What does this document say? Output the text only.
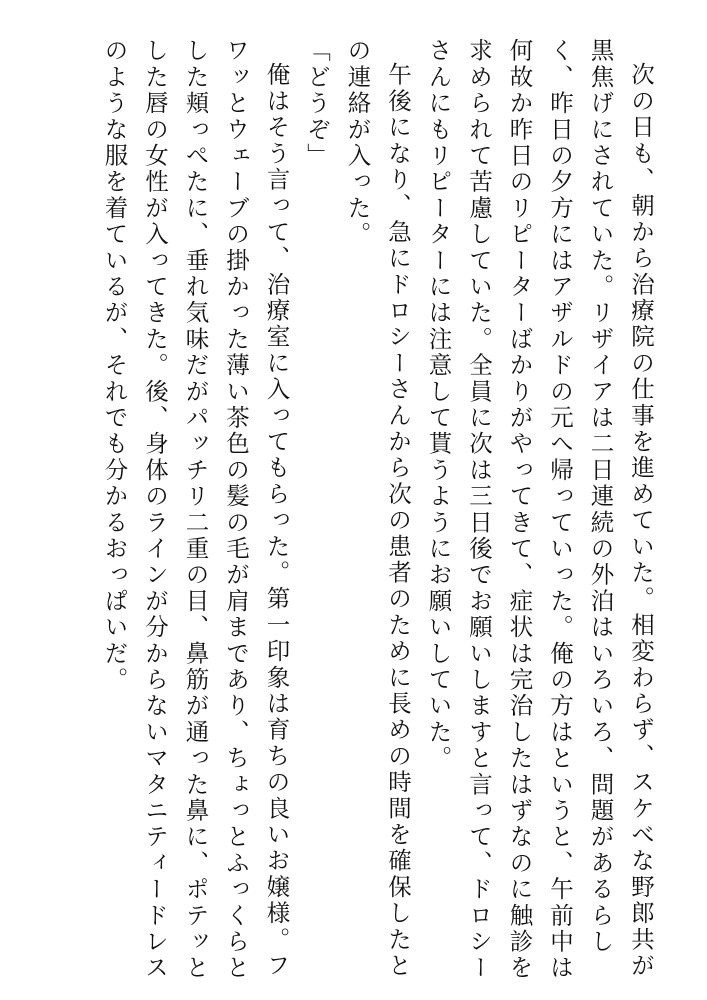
次の日も、朝から治療院の仕事を進めていた。相変わらず、スケべな野郎共が黒焦げにされていた。リザイアは二日連続の外泊はいろいろ、問題があるらしく、昨日の夕方にはアザルドの元へ帰っていった。俺の方はというと、午前中は何故か昨日のリピーターばかりがやってきて、症状は完治したはずなのに触診を求められて苦慮していた。全員に次は三日後でお願いしますと言って、ドロシーさんにもリピーターには注意して貰うようにお願いしていた。

午後になり、急にドロシーさんから次の患者のために長めの時間を確保したとの連絡が入った。

「どうぞ」

俺はそう言って、治療室に入ってもらった。第一印象は育ちの良いお嬢様。フワッとウェーブの掛かった薄い茶色の髪の毛が肩まであり、ちょっとふっくらとした頬っぺたに、垂れ気味だがパッチリ二重の目、鼻筋が通った鼻に、ポテッとした唇の女性が入ってきた。後、身体のラインが分からないマタニティードレスのような服を着ているが、それでも分かるおっぱいだ。
